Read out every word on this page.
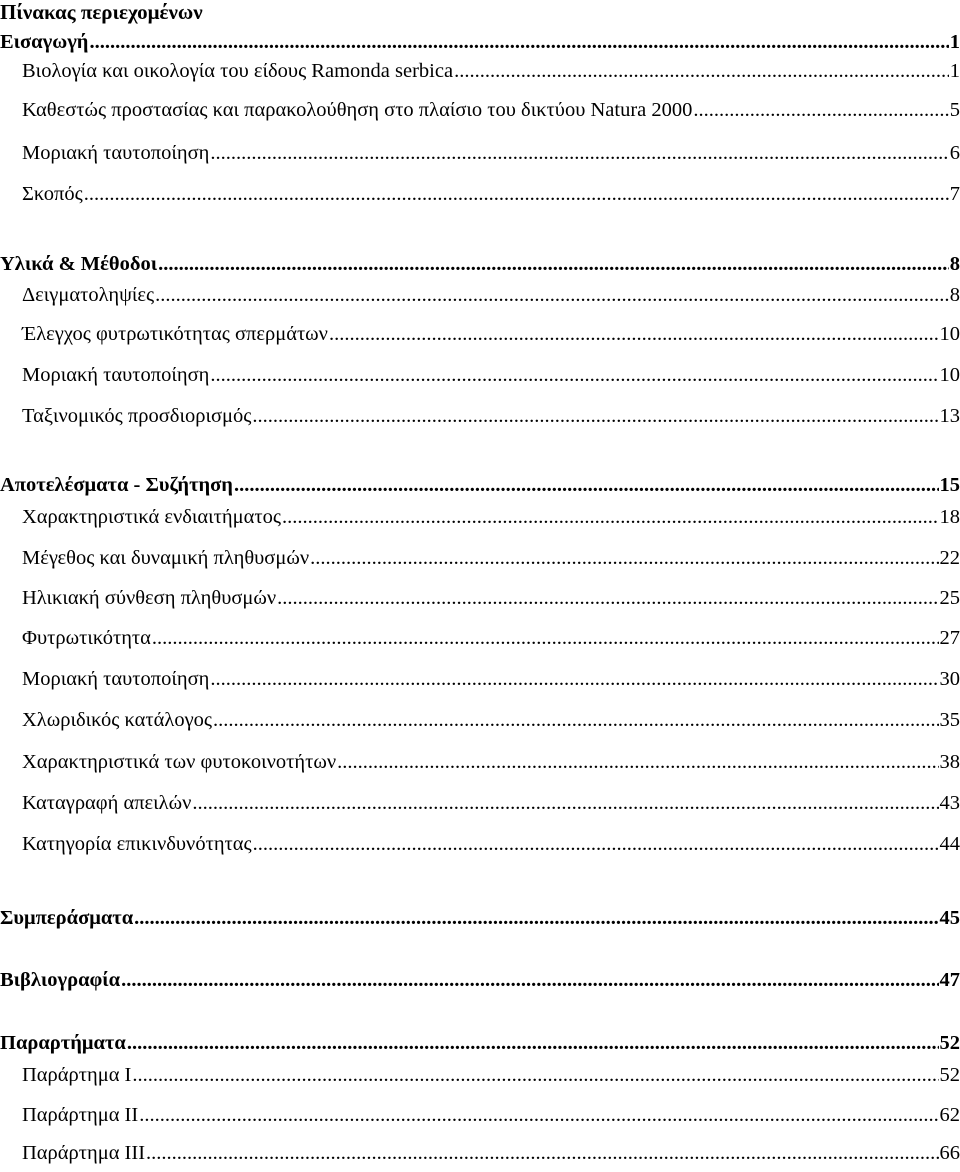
Πίνακας περιεχομένων
Εισαγωγή .....	1
Βιολογία και οικολογία του είδους Ramonda serbica .....	1
Καθεστώς προστασίας και παρακολούθηση στο πλαίσιο του δικτύου Natura 2000 .....	5
Μοριακή ταυτοποίηση .....	6
Σκοπός .....	7
Υλικά & Μέθοδοι .....	8
Δειγματοληψίες .....	8
Έλεγχος φυτρωτικότητας σπερμάτων .....	10
Μοριακή ταυτοποίηση .....	10
Ταξινομικός προσδιορισμός .....	13
Αποτελέσματα - Συζήτηση .....	15
Χαρακτηριστικά ενδιαιτήματος .....	18
Μέγεθος και δυναμική πληθυσμών .....	22
Ηλικιακή σύνθεση πληθυσμών .....	25
Φυτρωτικότητα .....	27
Μοριακή ταυτοποίηση .....	30
Χλωριδικός κατάλογος .....	35
Χαρακτηριστικά των φυτοκοινοτήτων .....	38
Καταγραφή απειλών .....	43
Κατηγορία επικινδυνότητας .....	44
Συμπεράσματα .....	45
Βιβλιογραφία .....	47
Παραρτήματα .....	52
Παράρτημα Ι .....	52
Παράρτημα ΙΙ .....	62
Παράρτημα ΙΙΙ .....	66
